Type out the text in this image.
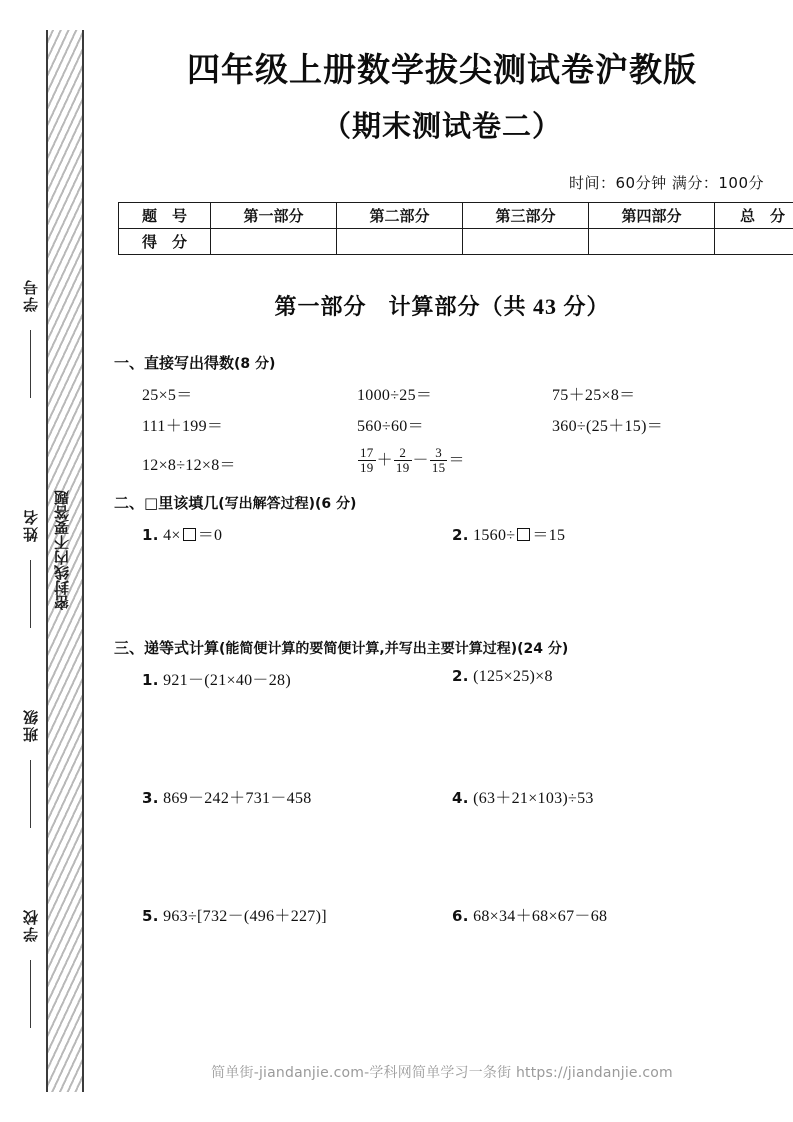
学号
姓名
班级
学校
密封线内不要答题
四年级上册数学拔尖测试卷沪教版
（期末测试卷二）
时间：60分钟 满分：100分
题　号	第一部分	第二部分	第三部分	第四部分	总　分
得　分					
第一部分 计算部分（共 43 分）
一、直接写出得数(8 分)
25×5＝	1000÷25＝	75＋25×8＝
111＋199＝	560÷60＝	360÷(25＋15)＝
12×8÷12×8＝	$\frac{17}{19} + \frac{2}{19} - \frac{3}{15}$ ＝
二、□里该填几(写出解答过程)(6 分)
1. 4× ＝0	2. 1560÷ ＝15
三、递等式计算(能简便计算的要简便计算,并写出主要计算过程)(24 分)
1. 921－(21×40－28)	2. (125×25)×8
3. 869－242＋731－458	4. (63＋21×103)÷53
5. 963÷[732－(496＋227)]	6. 68×34＋68×67－68
简单街-jiandanjie.com-学科网简单学习一条街 https://jiandanjie.com
